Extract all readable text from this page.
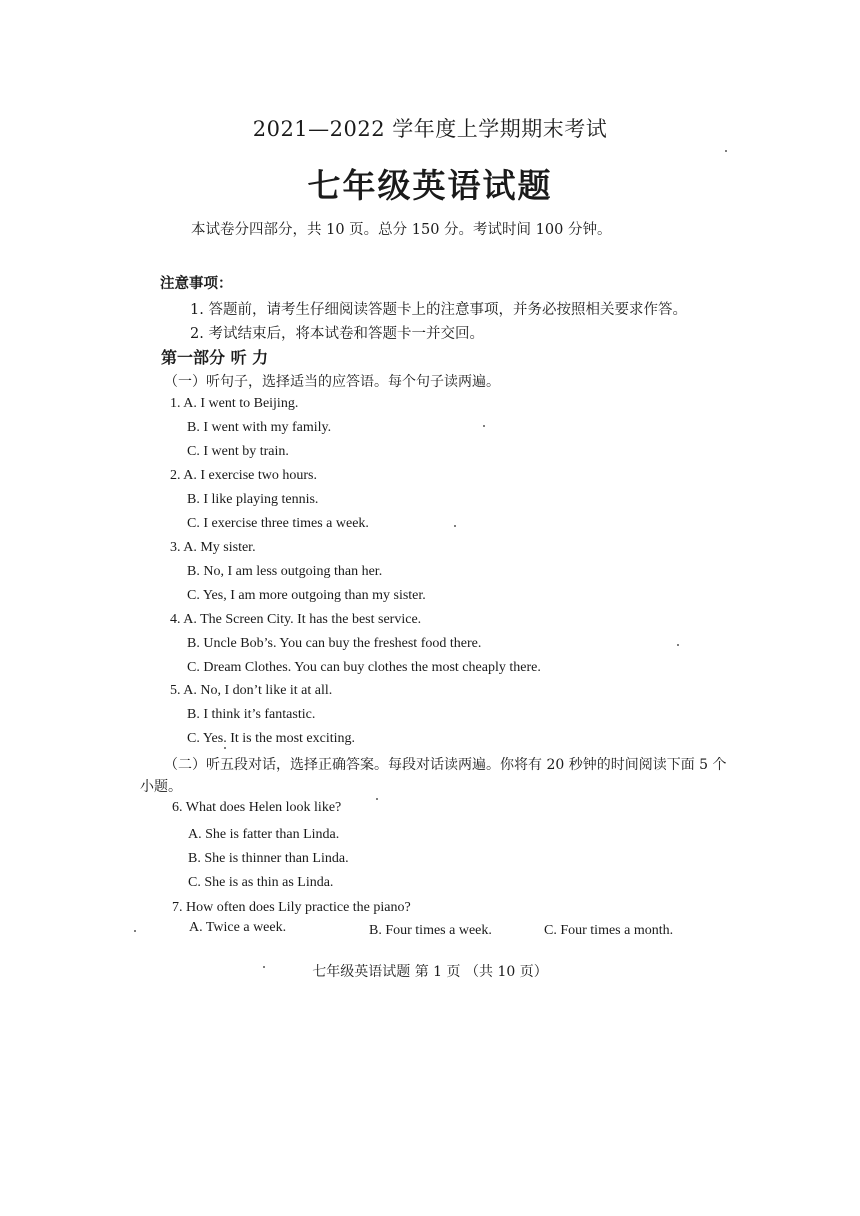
2021—2022 学年度上学期期末考试
七年级英语试题
本试卷分四部分，共 10 页。总分 150 分。考试时间 100 分钟。
注意事项：
1. 答题前，请考生仔细阅读答题卡上的注意事项，并务必按照相关要求作答。
2. 考试结束后，将本试卷和答题卡一并交回。
第一部分 听 力
（一）听句子，选择适当的应答语。每个句子读两遍。
1. A. I went to Beijing.
B. I went with my family.
C. I went by train.
2. A. I exercise two hours.
B. I like playing tennis.
C. I exercise three times a week.
3. A. My sister.
B. No, I am less outgoing than her.
C. Yes, I am more outgoing than my sister.
4. A. The Screen City. It has the best service.
B. Uncle Bob’s. You can buy the freshest food there.
C. Dream Clothes. You can buy clothes the most cheaply there.
5. A. No, I don’t like it at all.
B. I think it’s fantastic.
C. Yes. It is the most exciting.
（二）听五段对话，选择正确答案。每段对话读两遍。你将有 20 秒钟的时间阅读下面 5 个
小题。
6. What does Helen look like?
A. She is fatter than Linda.
B. She is thinner than Linda.
C. She is as thin as Linda.
7. How often does Lily practice the piano?
A. Twice a week.	B. Four times a week.	C. Four times a month.
七年级英语试题 第 1 页 （共 10 页）
